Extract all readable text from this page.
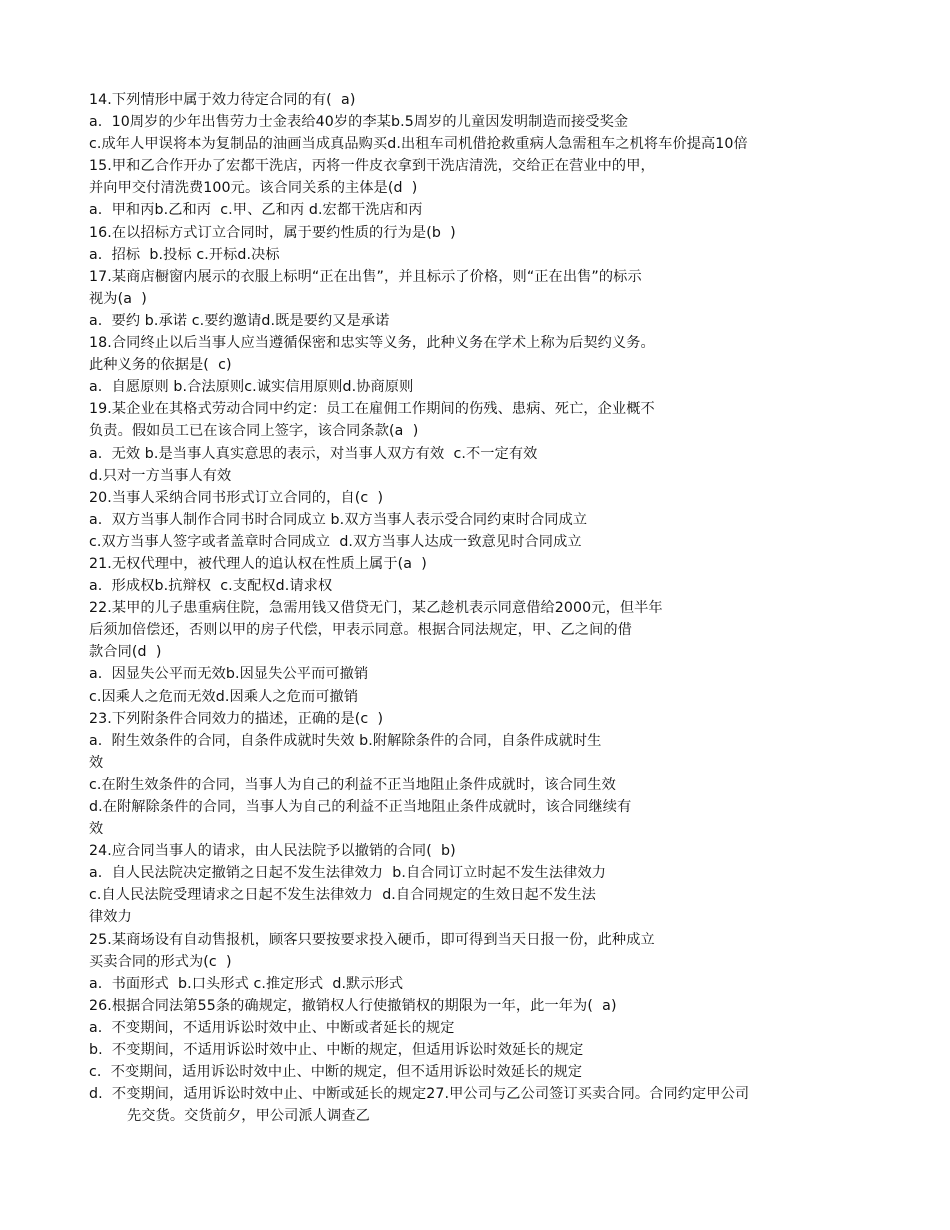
14.下列情形中属于效力待定合同的有(  a)
a.  10周岁的少年出售劳力士金表给40岁的李某b.5周岁的儿童因发明制造而接受奖金
c.成年人甲误将本为复制品的油画当成真品购买d.出租车司机借抢救重病人急需租车之机将车价提高10倍
15.甲和乙合作开办了宏都干洗店，丙将一件皮衣拿到干洗店清洗，交给正在营业中的甲，
并向甲交付清洗费100元。该合同关系的主体是(d  )
a.  甲和丙b.乙和丙  c.甲、乙和丙 d.宏都干洗店和丙
16.在以招标方式订立合同时，属于要约性质的行为是(b  )
a.  招标  b.投标 c.开标d.决标
17.某商店橱窗内展示的衣服上标明“正在出售”，并且标示了价格，则“正在出售”的标示
视为(a  )
a.  要约 b.承诺 c.要约邀请d.既是要约又是承诺
18.合同终止以后当事人应当遵循保密和忠实等义务，此种义务在学术上称为后契约义务。
此种义务的依据是(  c)
a.  自愿原则 b.合法原则c.诚实信用原则d.协商原则
19.某企业在其格式劳动合同中约定：员工在雇佣工作期间的伤残、患病、死亡，企业概不
负责。假如员工已在该合同上签字，该合同条款(a  )
a.  无效 b.是当事人真实意思的表示，对当事人双方有效  c.不一定有效
d.只对一方当事人有效
20.当事人采纳合同书形式订立合同的，自(c  )
a.  双方当事人制作合同书时合同成立 b.双方当事人表示受合同约束时合同成立
c.双方当事人签字或者盖章时合同成立  d.双方当事人达成一致意见时合同成立
21.无权代理中，被代理人的追认权在性质上属于(a  )
a.  形成权b.抗辩权  c.支配权d.请求权
22.某甲的儿子患重病住院，急需用钱又借贷无门，某乙趁机表示同意借给2000元，但半年
后须加倍偿还，否则以甲的房子代偿，甲表示同意。根据合同法规定，甲、乙之间的借
款合同(d  )
a.  因显失公平而无效b.因显失公平而可撤销
c.因乘人之危而无效d.因乘人之危而可撤销
23.下列附条件合同效力的描述，正确的是(c  )
a.  附生效条件的合同，自条件成就时失效 b.附解除条件的合同，自条件成就时生
效
c.在附生效条件的合同，当事人为自己的利益不正当地阻止条件成就时，该合同生效
d.在附解除条件的合同，当事人为自己的利益不正当地阻止条件成就时，该合同继续有
效
24.应合同当事人的请求，由人民法院予以撤销的合同(  b)
a.  自人民法院决定撤销之日起不发生法律效力  b.自合同订立时起不发生法律效力
c.自人民法院受理请求之日起不发生法律效力  d.自合同规定的生效日起不发生法
律效力
25.某商场设有自动售报机，顾客只要按要求投入硬币，即可得到当天日报一份，此种成立
买卖合同的形式为(c  )
a.  书面形式  b.口头形式 c.推定形式  d.默示形式
26.根据合同法第55条的确规定，撤销权人行使撤销权的期限为一年，此一年为(  a)
a.  不变期间，不适用诉讼时效中止、中断或者延长的规定
b.  不变期间，不适用诉讼时效中止、中断的规定，但适用诉讼时效延长的规定
c.  不变期间，适用诉讼时效中止、中断的规定，但不适用诉讼时效延长的规定
d.  不变期间，适用诉讼时效中止、中断或延长的规定27.甲公司与乙公司签订买卖合同。合同约定甲公司
先交货。交货前夕，甲公司派人调查乙
